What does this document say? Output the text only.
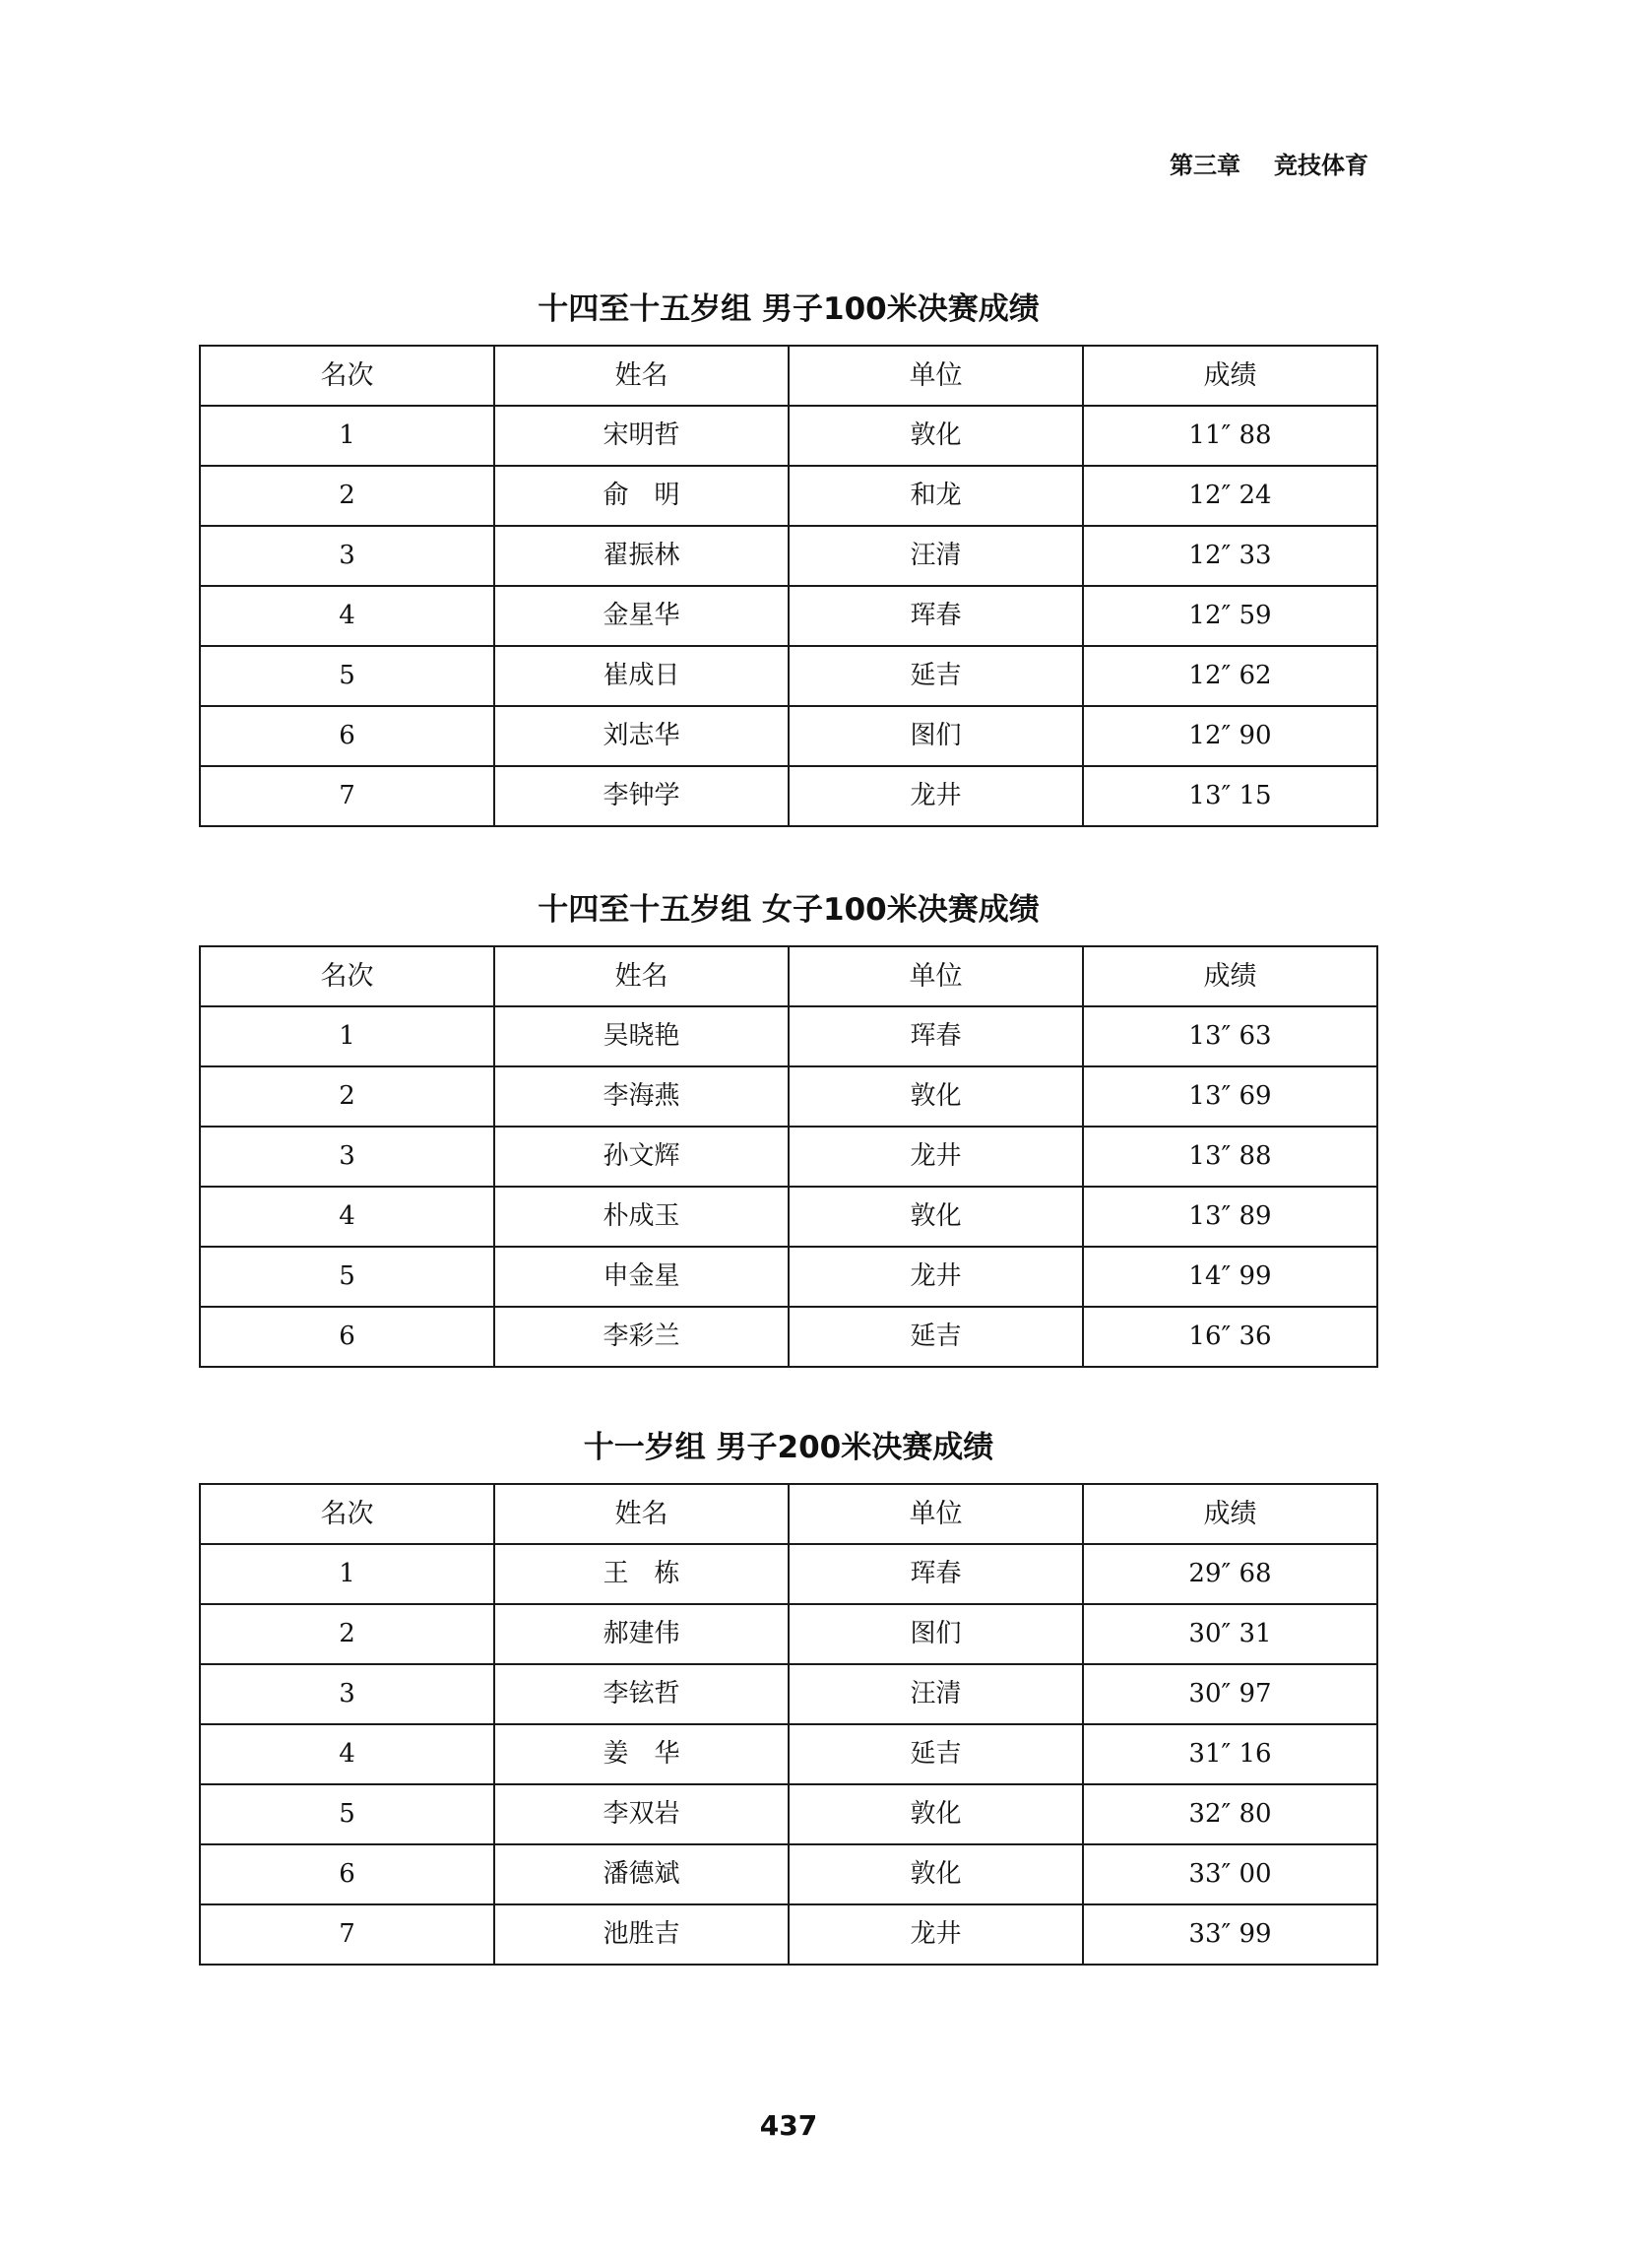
第三章 竞技体育
十四至十五岁组 男子100米决赛成绩
名次	姓名	单位	成绩
1	宋明哲	敦化	11″ 88
2	俞　明	和龙	12″ 24
3	翟振林	汪清	12″ 33
4	金星华	珲春	12″ 59
5	崔成日	延吉	12″ 62
6	刘志华	图们	12″ 90
7	李钟学	龙井	13″ 15
十四至十五岁组 女子100米决赛成绩
名次	姓名	单位	成绩
1	吴晓艳	珲春	13″ 63
2	李海燕	敦化	13″ 69
3	孙文辉	龙井	13″ 88
4	朴成玉	敦化	13″ 89
5	申金星	龙井	14″ 99
6	李彩兰	延吉	16″ 36
十一岁组 男子200米决赛成绩
名次	姓名	单位	成绩
1	王　栋	珲春	29″ 68
2	郝建伟	图们	30″ 31
3	李铉哲	汪清	30″ 97
4	姜　华	延吉	31″ 16
5	李双岩	敦化	32″ 80
6	潘德斌	敦化	33″ 00
7	池胜吉	龙井	33″ 99
437
